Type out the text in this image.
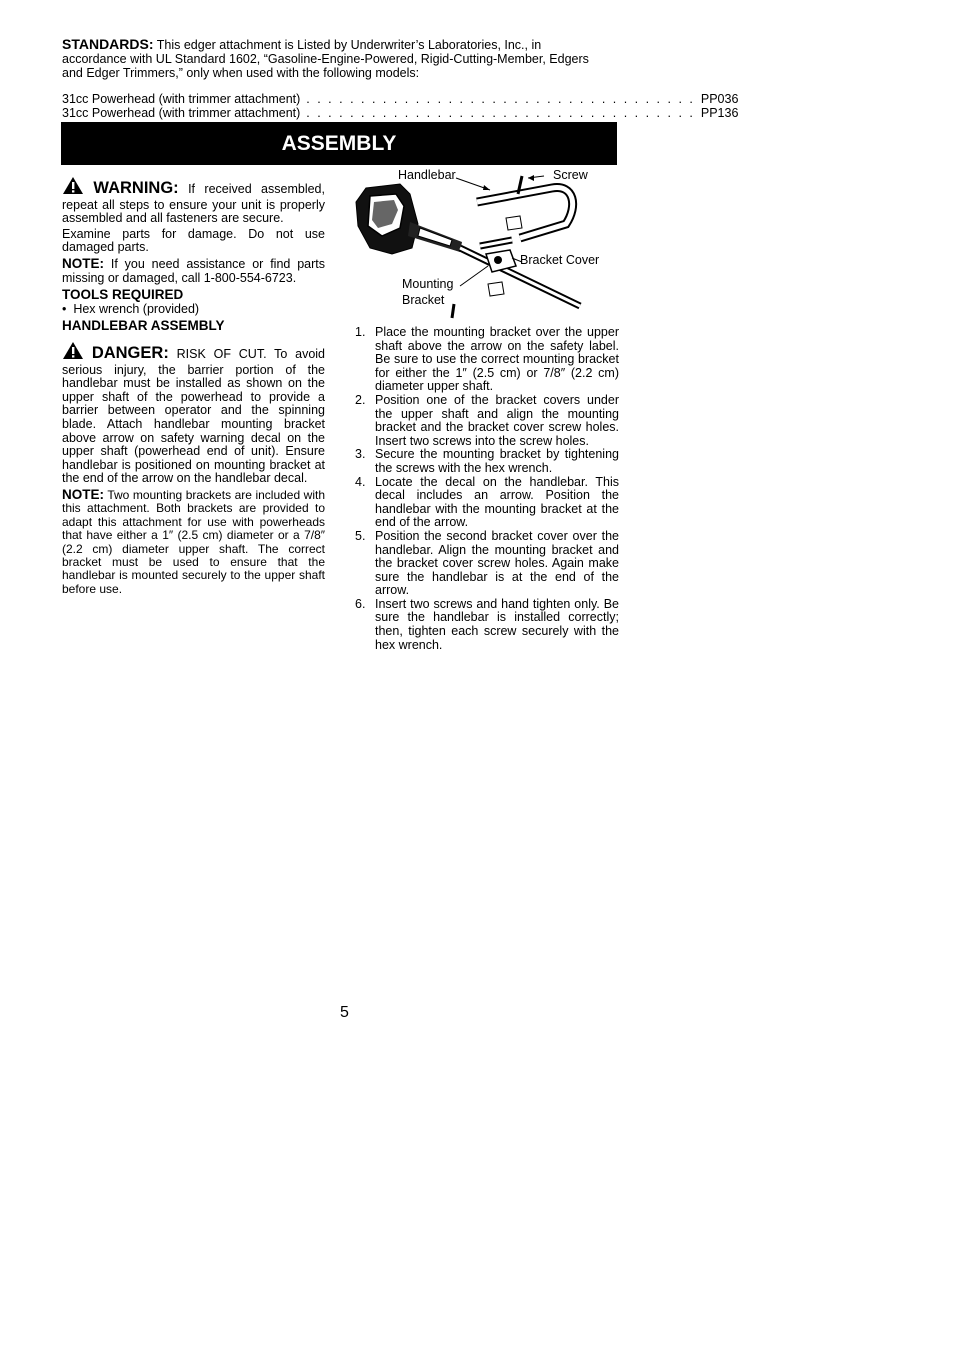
STANDARDS: This edger attachment is Listed by Underwriter’s Laboratories, Inc., in accordance with UL Standard 1602, “Gasoline-Engine-Powered, Rigid-Cutting-Member, Edgers and Edger Trimmers,” only when used with the following models:
31cc Powerhead (with trimmer attachment) . . . . . . . . . . . . . . . . . . . . . . . . . . . . . . . . . . . . PP036
31cc Powerhead (with trimmer attachment) . . . . . . . . . . . . . . . . . . . . . . . . . . . . . . . . . . . . PP136
ASSEMBLY

WARNING: If received assembled, repeat all steps to ensure your unit is properly assembled and all fasteners are secure.

Examine parts for damage. Do not use damaged parts.

NOTE: If you need assistance or find parts missing or damaged, call 1-800-554-6723.

TOOLS REQUIRED
•  Hex wrench (provided)
HANDLEBAR ASSEMBLY

DANGER: RISK OF CUT. To avoid serious injury, the barrier portion of the handlebar must be installed as shown on the upper shaft of the powerhead to provide a barrier between operator and the spinning blade. Attach handlebar mounting bracket above arrow on safety warning decal on the upper shaft (powerhead end of unit). Ensure handlebar is positioned on mounting bracket at the end of the arrow on the handlebar decal.

NOTE: Two mounting brackets are included with this attachment. Both brackets are provided to adapt this attachment for use with powerheads that have either a 1″ (2.5 cm) diameter or a 7/8″ (2.2 cm) diameter upper shaft. The correct bracket must be used to ensure that the handlebar is mounted securely to the upper shaft before use.

Handlebar	Screw
Bracket Cover
Mounting
Bracket
1. Place the mounting bracket over the upper shaft above the arrow on the safety label. Be sure to use the correct mounting bracket for either the 1″ (2.5 cm) or 7/8″ (2.2 cm) diameter upper shaft.
2. Position one of the bracket covers under the upper shaft and align the mounting bracket and the bracket cover screw holes. Insert two screws into the screw holes.
3. Secure the mounting bracket by tightening the screws with the hex wrench.
4. Locate the decal on the handlebar. This decal includes an arrow. Position the handlebar with the mounting bracket at the end of the arrow.
5. Position the second bracket cover over the handlebar. Align the mounting bracket and the bracket cover screw holes. Again make sure the handlebar is at the end of the arrow.
6. Insert two screws and hand tighten only. Be sure the handlebar is installed correctly; then, tighten each screw securely with the hex wrench.
5
